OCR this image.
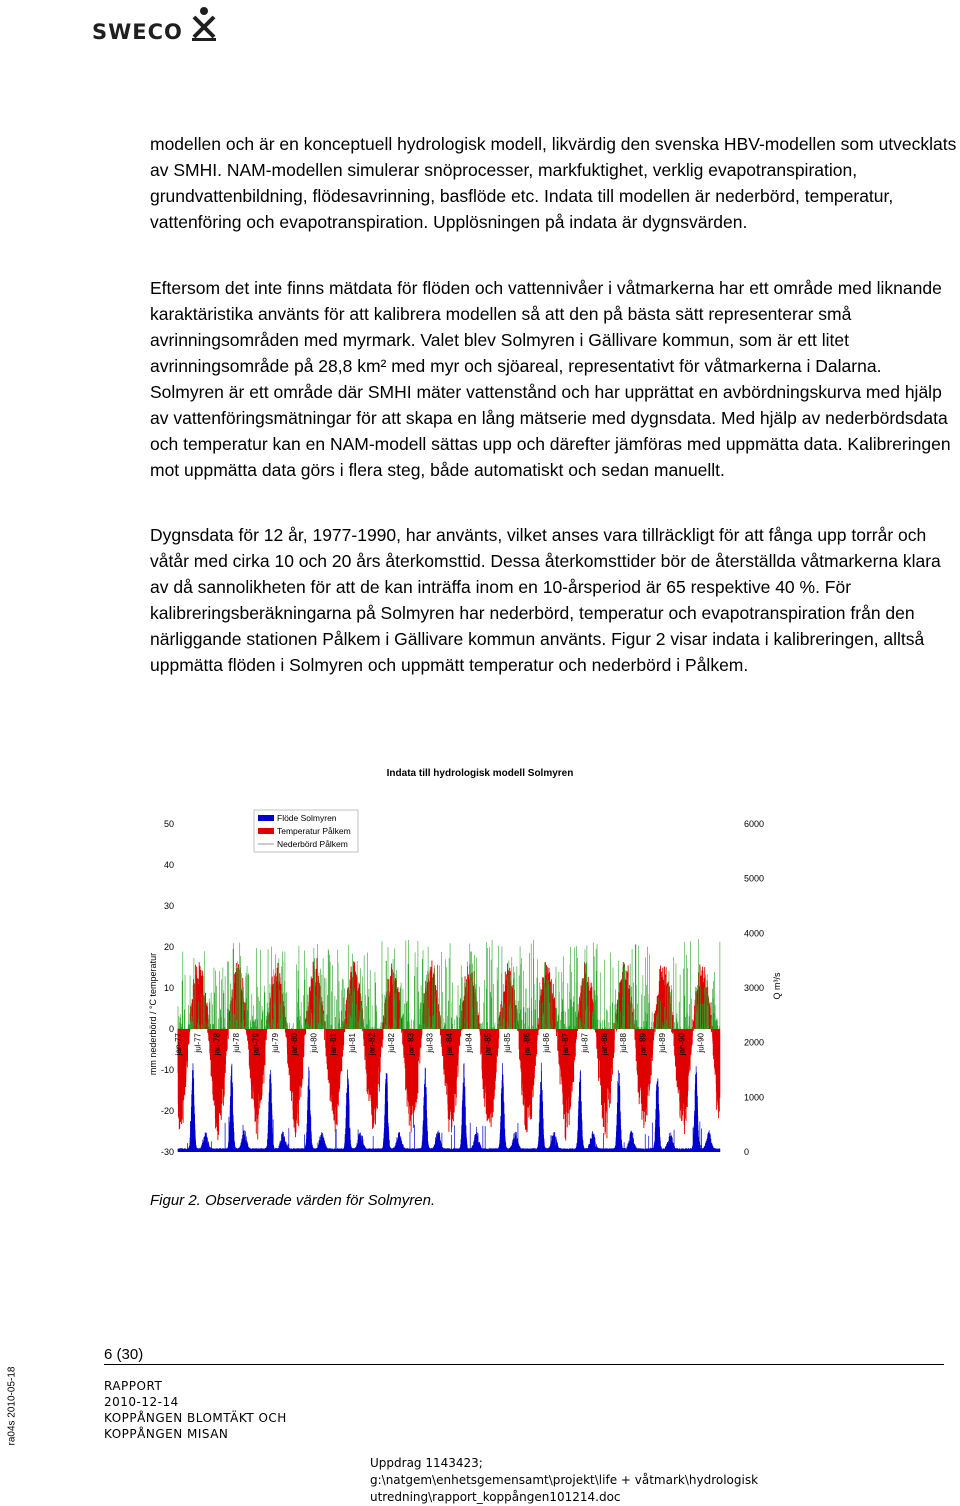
SWECO

modellen och är en konceptuell hydrologisk modell, likvärdig den svenska HBV-modellen som utvecklats av SMHI. NAM-modellen simulerar snöprocesser, markfuktighet, verklig evapotranspiration, grundvattenbildning, flödesavrinning, basflöde etc. Indata till modellen är nederbörd, temperatur, vattenföring och evapotranspiration. Upplösningen på indata är dygnsvärden.

Eftersom det inte finns mätdata för flöden och vattennivåer i våtmarkerna har ett område med liknande karaktäristika använts för att kalibrera modellen så att den på bästa sätt representerar små avrinningsområden med myrmark. Valet blev Solmyren i Gällivare kommun, som är ett litet avrinningsområde på 28,8 km² med myr och sjöareal, representativt för våtmarkerna i Dalarna. Solmyren är ett område där SMHI mäter vattenstånd och har upprättat en avbördningskurva med hjälp av vattenföringsmätningar för att skapa en lång mätserie med dygnsdata. Med hjälp av nederbördsdata och temperatur kan en NAM-modell sättas upp och därefter jämföras med uppmätta data. Kalibreringen mot uppmätta data görs i flera steg, både automatiskt och sedan manuellt.

Dygnsdata för 12 år, 1977-1990, har använts, vilket anses vara tillräckligt för att fånga upp torrår och våtår med cirka 10 och 20 års återkomsttid. Dessa återkomsttider bör de återställda våtmarkerna klara av då sannolikheten för att de kan inträffa inom en 10-årsperiod är 65 respektive 40 %. För kalibreringsberäkningarna på Solmyren har nederbörd, temperatur och evapotranspiration från den närliggande stationen Pålkem i Gällivare kommun använts. Figur 2 visar indata i kalibreringen, alltså uppmätta flöden i Solmyren och uppmätt temperatur och nederbörd i Pålkem.

Indata till hydrologisk modell Solmyren
50
40
30
20
10
0
-10
-20
-30
6000
5000
4000
3000
2000
1000
0
mm nederbörd / °C temperatur	Q m³/s
jan-77 jul-77 jan-78 jul-78 jan-79 jul-79 jan-80 jul-80 jan-81 jul-81 jan-82 jul-82 jan-83 jul-83 jan-84 jul-84 jan-85 jul-85 jan-86 jul-86 jan-87 jul-87 jan-88 jul-88 jan-89 jul-89 jan-90 jul-90
Flöde Solmyren
Temperatur Pålkem
Nederbörd Pålkem
Figur 2. Observerade värden för Solmyren.
6 (30)
ra04s 2010-05-18	RAPPORT
2010-12-14
KOPPÅNGEN BLOMTÄKT OCH
KOPPÅNGEN MISAN
Uppdrag 1143423;
g:\natgem\enhetsgemensamt\projekt\life + våtmark\hydrologisk
utredning\rapport_koppången101214.doc
